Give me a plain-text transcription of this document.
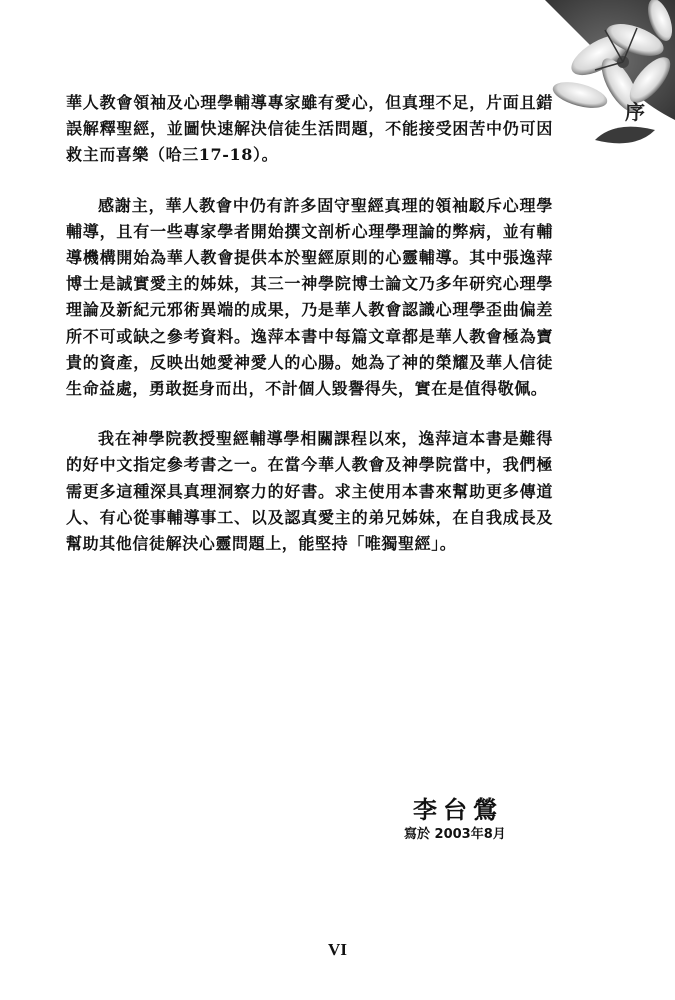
序

華人教會領袖及心理學輔導專家雖有愛心，但真理不足，片面且錯誤解釋聖經，並圖快速解決信徒生活問題，不能接受困苦中仍可因救主而喜樂（哈三17-18）。

感謝主，華人教會中仍有許多固守聖經真理的領袖駁斥心理學輔導，且有一些專家學者開始撰文剖析心理學理論的弊病，並有輔導機構開始為華人教會提供本於聖經原則的心靈輔導。其中張逸萍博士是誠實愛主的姊妹，其三一神學院博士論文乃多年研究心理學理論及新紀元邪術異端的成果，乃是華人教會認識心理學歪曲偏差所不可或缺之參考資料。逸萍本書中每篇文章都是華人教會極為寶貴的資產，反映出她愛神愛人的心腸。她為了神的榮耀及華人信徒生命益處，勇敢挺身而出，不計個人毀譽得失，實在是值得敬佩。

我在神學院教授聖經輔導學相關課程以來，逸萍這本書是難得的好中文指定參考書之一。在當今華人教會及神學院當中，我們極需更多這種深具真理洞察力的好書。求主使用本書來幫助更多傳道人、有心從事輔導事工、以及認真愛主的弟兄姊妹，在自我成長及幫助其他信徒解決心靈問題上，能堅持「唯獨聖經」。

李台鶯
寫於 2003年8月
VI
